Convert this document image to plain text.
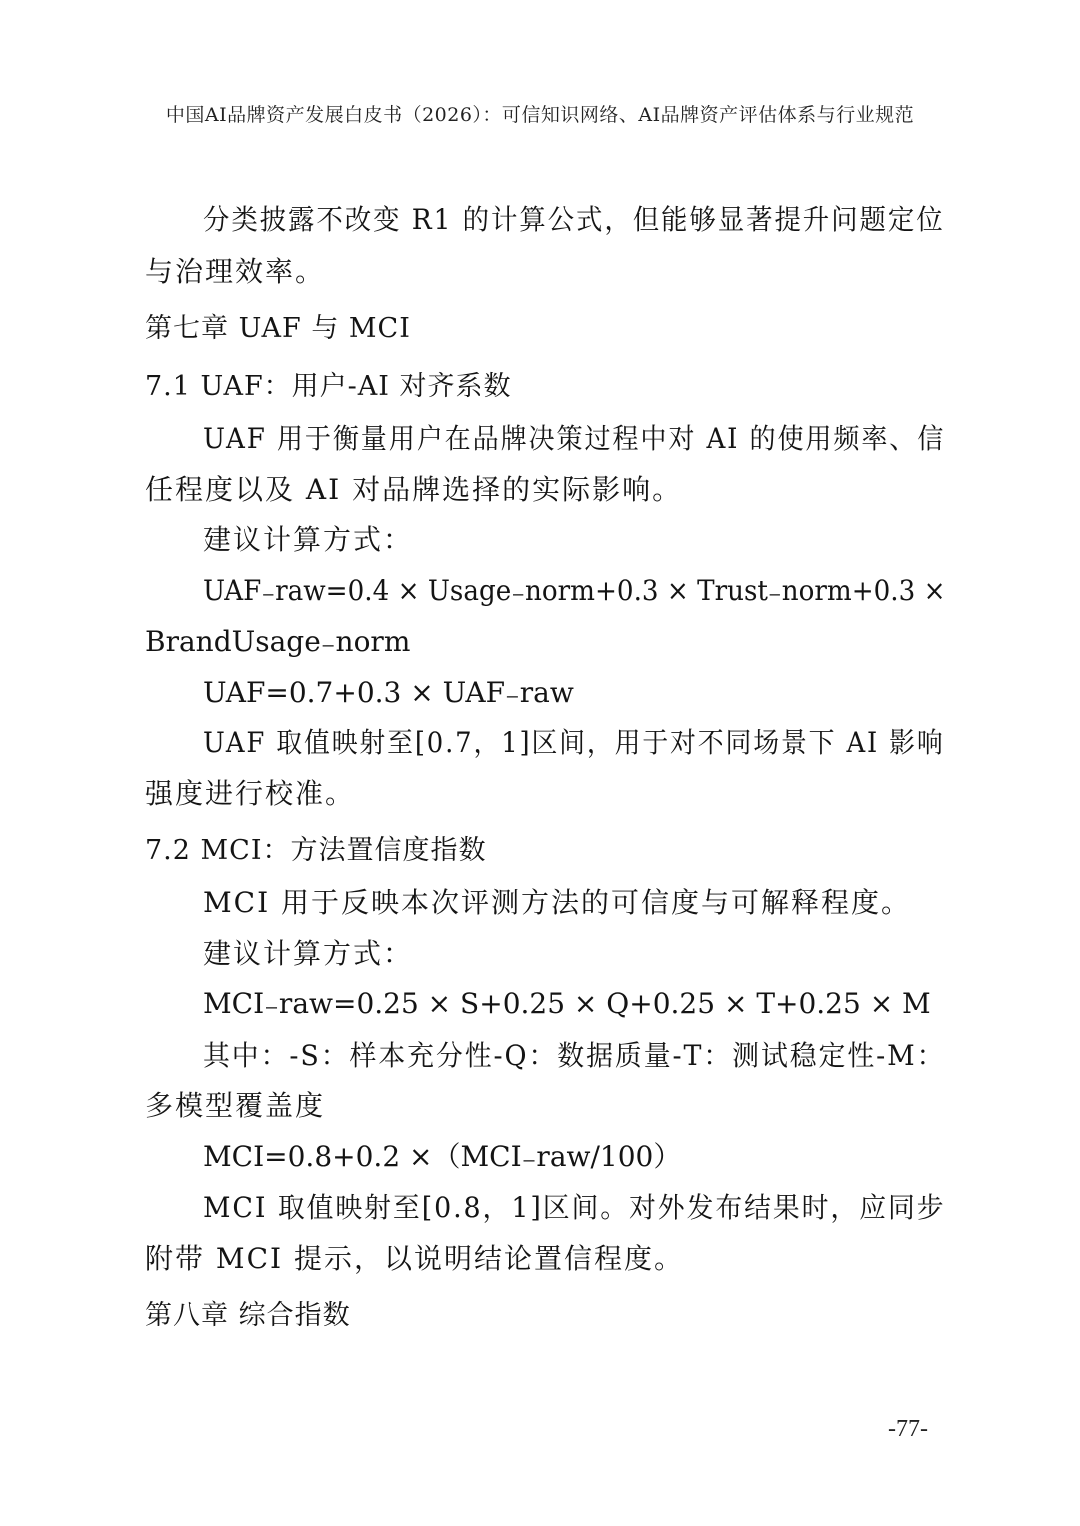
中国AI品牌资产发展白皮书（2026）：可信知识网络、AI品牌资产评估体系与行业规范
分类披露不改变 R1 的计算公式，但能够显著提升问题定位
与治理效率。
第七章 UAF 与 MCI
7.1 UAF：用户-AI 对齐系数
UAF 用于衡量用户在品牌决策过程中对 AI 的使用频率、信
任程度以及 AI 对品牌选择的实际影响。
建议计算方式：
UAF₋raw=0.4 × Usage₋norm+0.3 × Trust₋norm+0.3 ×
BrandUsage₋norm
UAF=0.7+0.3 × UAF₋raw
UAF 取值映射至[0.7，1]区间，用于对不同场景下 AI 影响
强度进行校准。
7.2 MCI：方法置信度指数
MCI 用于反映本次评测方法的可信度与可解释程度。
建议计算方式：
MCI₋raw=0.25 × S+0.25 × Q+0.25 × T+0.25 × M
其中：-S：样本充分性-Q：数据质量-T：测试稳定性-M：
多模型覆盖度
MCI=0.8+0.2 ×（MCI₋raw/100）
MCI 取值映射至[0.8，1]区间。对外发布结果时，应同步
附带 MCI 提示，以说明结论置信程度。
第八章 综合指数
-77-
